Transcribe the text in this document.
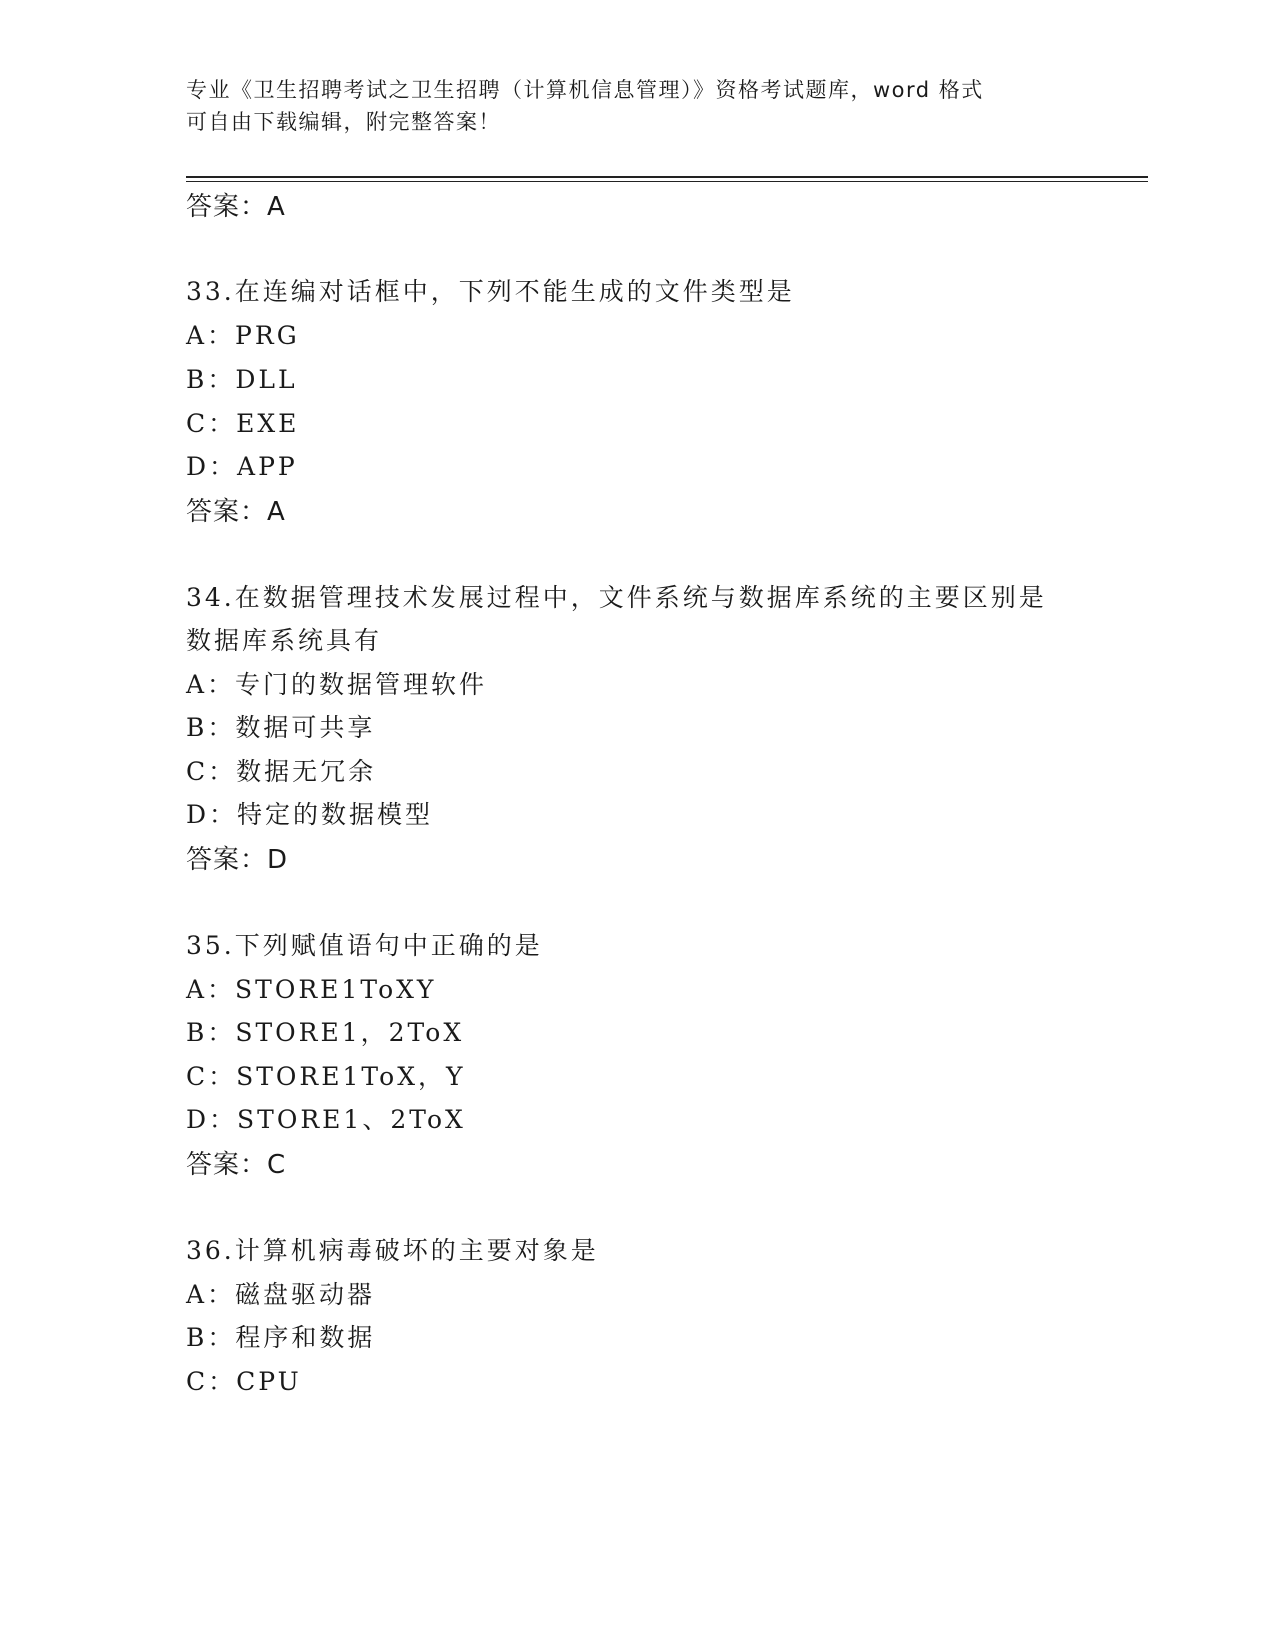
专业《卫生招聘考试之卫生招聘（计算机信息管理）》资格考试题库，word 格式
可自由下载编辑，附完整答案！
答案：A
33.在连编对话框中，下列不能生成的文件类型是
A：PRG
B：DLL
C：EXE
D：APP
答案：A
34.在数据管理技术发展过程中，文件系统与数据库系统的主要区别是
数据库系统具有
A：专门的数据管理软件
B：数据可共享
C：数据无冗余
D：特定的数据模型
答案：D
35.下列赋值语句中正确的是
A：STORE1ToXY
B：STORE1，2ToX
C：STORE1ToX，Y
D：STORE1、2ToX
答案：C
36.计算机病毒破坏的主要对象是
A：磁盘驱动器
B：程序和数据
C：CPU
